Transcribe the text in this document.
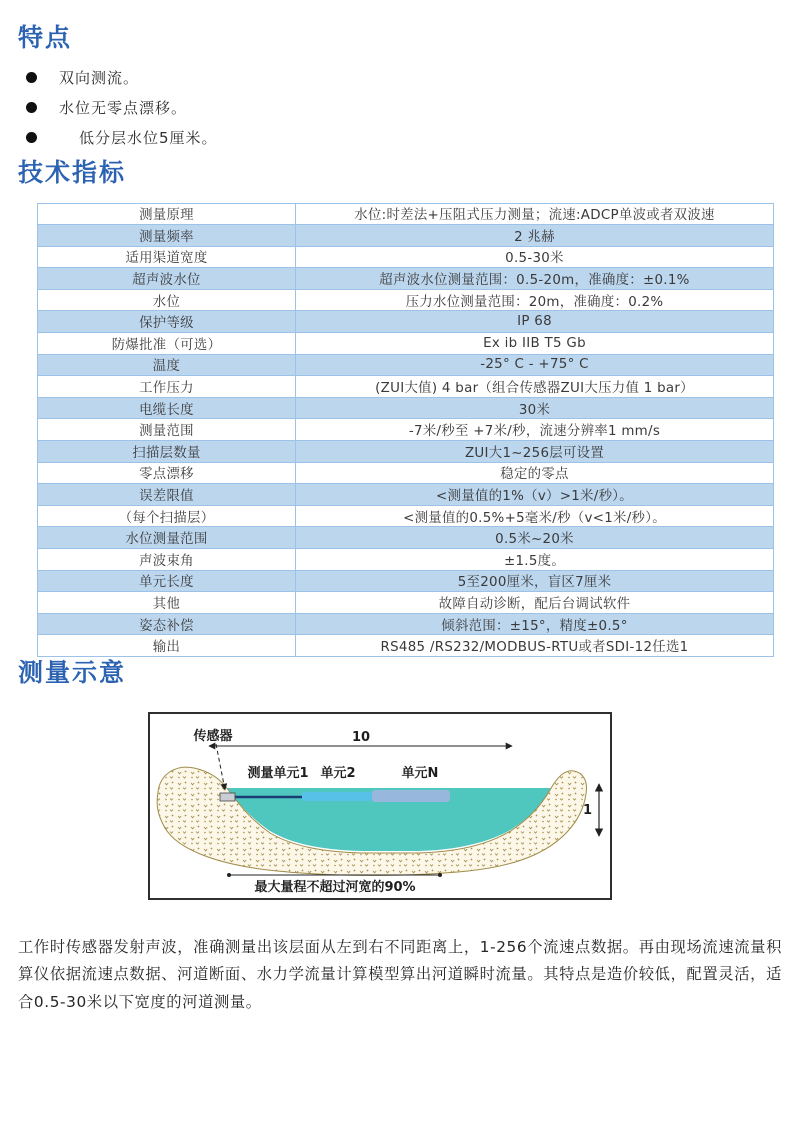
特点
双向测流。
水位无零点漂移。
低分层水位5厘米。
技术指标
测量原理	水位:时差法+压阻式压力测量；流速:ADCP单波或者双波速
测量频率	2 兆赫
适用渠道宽度	0.5-30米
超声波水位	超声波水位测量范围：0.5-20m，准确度：±0.1%
水位	压力水位测量范围：20m，准确度：0.2%
保护等级	IP 68
防爆批准（可选）	Ex ib IIB T5 Gb
温度	-25° C - +75° C
工作压力	(ZUI大值) 4 bar（组合传感器ZUI大压力值 1 bar）
电缆长度	30米
测量范围	-7米/秒至 +7米/秒，流速分辨率1 mm/s
扫描层数量	ZUI大1~256层可设置
零点漂移	稳定的零点
误差限值	<测量值的1%（v）>1米/秒）。
（每个扫描层）	<测量值的0.5%+5毫米/秒（v<1米/秒）。
水位测量范围	0.5米~20米
声波束角	±1.5度。
单元长度	5至200厘米，盲区7厘米
其他	故障自动诊断，配后台调试软件
姿态补偿	倾斜范围：±15°，精度±0.5°
输出	RS485 /RS232/MODBUS-RTU或者SDI-12任选1
测量示意
传感器	10
测量单元1 单元2	单元N
1
最大量程不超过河宽的90%

工作时传感器发射声波，准确测量出该层面从左到右不同距离上，1-256个流速点数据。再由现场流速流量积算仪依据流速点数据、河道断面、水力学流量计算模型算出河道瞬时流量。其特点是造价较低，配置灵活，适合0.5-30米以下宽度的河道测量。
